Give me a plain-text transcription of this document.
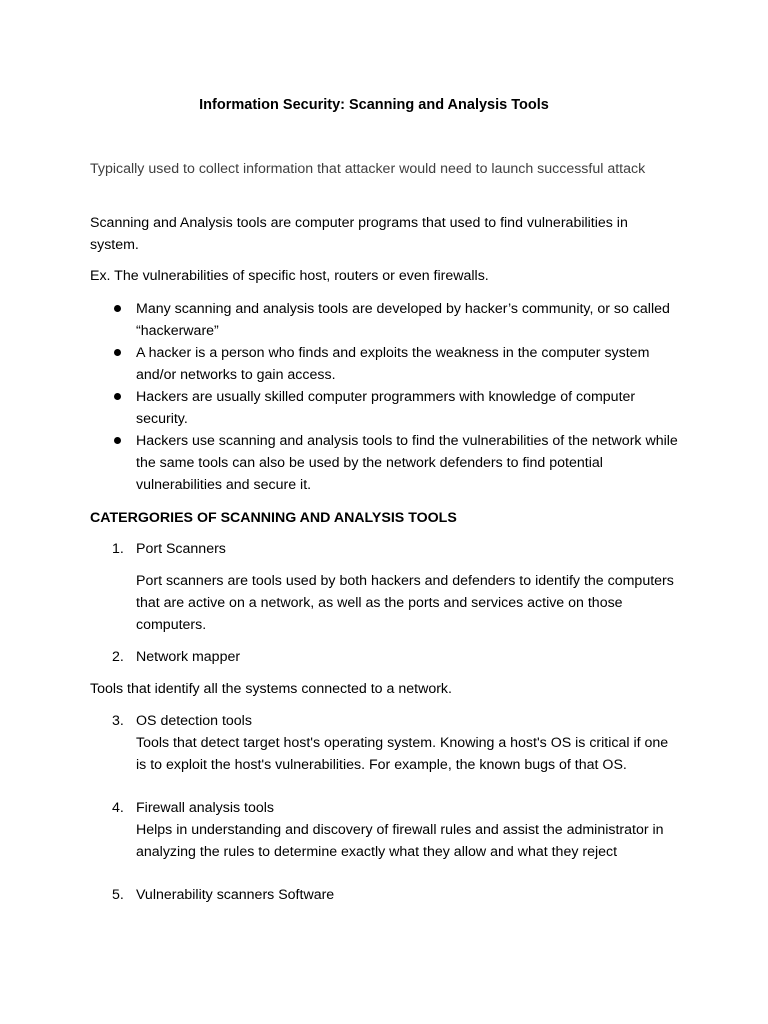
Information Security: Scanning and Analysis Tools

Typically used to collect information that attacker would need to launch successful attack

Scanning and Analysis tools are computer programs that used to find vulnerabilities in system.

Ex. The vulnerabilities of specific host, routers or even firewalls.

Many scanning and analysis tools are developed by hacker’s community, or so called “hackerware”
A hacker is a person who finds and exploits the weakness in the computer system and/or networks to gain access.
Hackers are usually skilled computer programmers with knowledge of computer security.
Hackers use scanning and analysis tools to find the vulnerabilities of the network while the same tools can also be used by the network defenders to find potential vulnerabilities and secure it.
CATERGORIES OF SCANNING AND ANALYSIS TOOLS
1. Port Scanners
Port scanners are tools used by both hackers and defenders to identify the computers that are active on a network, as well as the ports and services active on those computers.
2. Network mapper

Tools that identify all the systems connected to a network.

3. OS detection tools
Tools that detect target host's operating system. Knowing a host's OS is critical if one is to exploit the host's vulnerabilities. For example, the known bugs of that OS.
4. Firewall analysis tools
Helps in understanding and discovery of firewall rules and assist the administrator in analyzing the rules to determine exactly what they allow and what they reject
5. Vulnerability scanners Software
